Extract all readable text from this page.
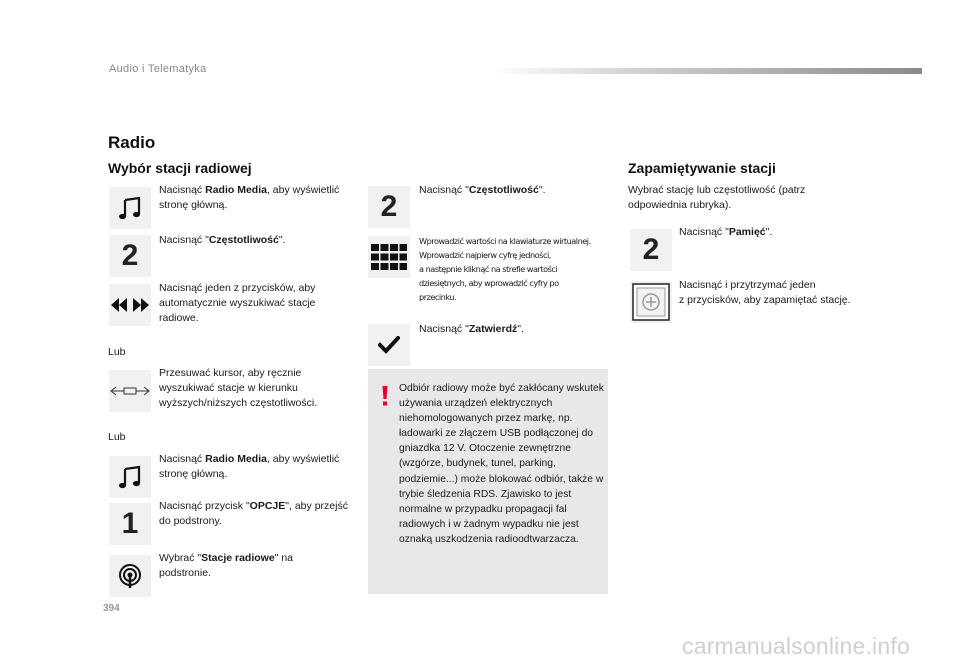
Audio i Telematyka
Radio
Wybór stacji radiowej
Nacisnąć Radio Media, aby wyświetlić stronę główną.
2 Nacisnąć "Częstotliwość".
Nacisnąć jeden z przycisków, aby automatycznie wyszukiwać stacje radiowe.
Lub
Przesuwać kursor, aby ręcznie wyszukiwać stacje w kierunku wyższych/niższych częstotliwości.
Lub
Nacisnąć Radio Media, aby wyświetlić stronę główną.
1
Nacisnąć przycisk "OPCJE", aby przejść do podstrony.
Wybrać "Stacje radiowe" na podstronie.
2 Nacisnąć "Częstotliwość".
Wprowadzić wartości na klawiaturze wirtualnej.
Wprowadzić najpierw cyfrę jedności,
a następnie kliknąć na strefie wartości
dziesiętnych, aby wprowadzić cyfry po
przecinku.
Nacisnąć "Zatwierdź".
Odbiór radiowy może być zakłócany wskutek używania urządzeń elektrycznych niehomologowanych przez markę, np. ładowarki ze złączem USB podłączonej do gniazdka 12 V. Otoczenie zewnętrzne (wzgórze, budynek, tunel, parking, podziemie...) może blokować odbiór, także w trybie śledzenia RDS. Zjawisko to jest normalne w przypadku propagacji fal radiowych i w żadnym wypadku nie jest oznaką uszkodzenia radioodtwarzacza.
Zapamiętywanie stacji
Wybrać stację lub częstotliwość (patrz odpowiednia rubryka).
2
Nacisnąć "Pamięć".
Nacisnąć i przytrzymać jeden
z przycisków, aby zapamiętać stację.
394
carmanualsonline.info
